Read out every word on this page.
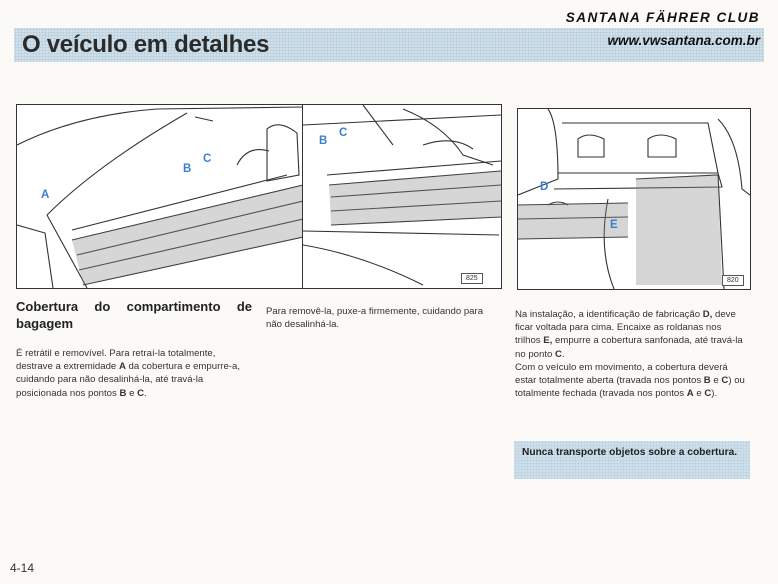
O veículo em detalhes
SANTANA FÄHRER CLUB
www.vwsantana.com.br
A
B
C
B
C
825
D
E
820
Cobertura do compartimento de bagagem
É retrátil e removível. Para retraí-la totalmente, destrave a extremidade A da cobertura e empurre-a, cuidando para não desalinhá-la, até travá-la posicionada nos pontos B e C.
Para removê-la, puxe-a firmemente, cuidando para não desalinhá-la.

Na instalação, a identificação de fabricação D, deve ficar voltada para cima. Encaixe as roldanas nos trilhos E, empurre a cobertura sanfonada, até travá-la no ponto C.

Com o veículo em movimento, a cobertura deverá estar totalmente aberta (travada nos pontos B e C) ou totalmente fechada (travada nos pontos A e C).

Nunca transporte objetos sobre a cobertura.
4-14
